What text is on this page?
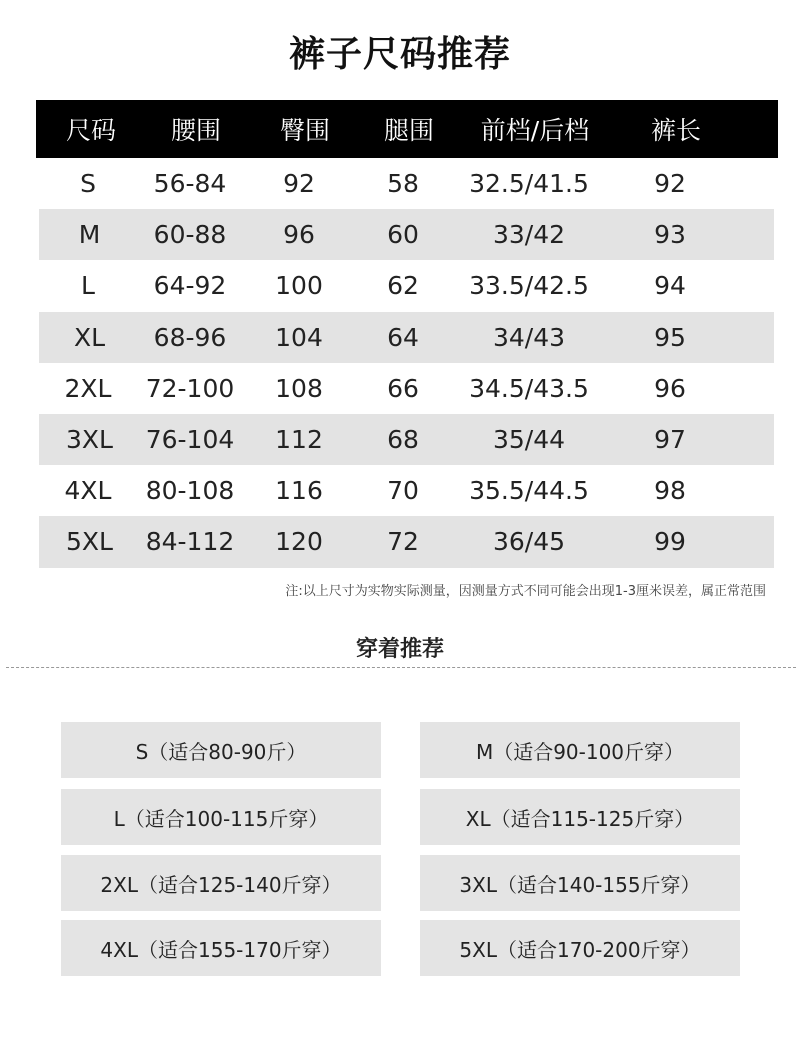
裤子尺码推荐
尺码	腰围	臀围	腿围	前档/后档	裤长
S	56-84	92	58	32.5/41.5	92
M	60-88	96	60	33/42	93
L	64-92	100	62	33.5/42.5	94
XL	68-96	104	64	34/43	95
2XL	72-100	108	66	34.5/43.5	96
3XL	76-104	112	68	35/44	97
4XL	80-108	116	70	35.5/44.5	98
5XL	84-112	120	72	36/45	99
注:以上尺寸为实物实际测量，因测量方式不同可能会出现1-3厘米误差，属正常范围
穿着推荐
S（适合80-90斤）	M（适合90-100斤穿）
L（适合100-115斤穿）	XL（适合115-125斤穿）
2XL（适合125-140斤穿）	3XL（适合140-155斤穿）
4XL（适合155-170斤穿）	5XL（适合170-200斤穿）
